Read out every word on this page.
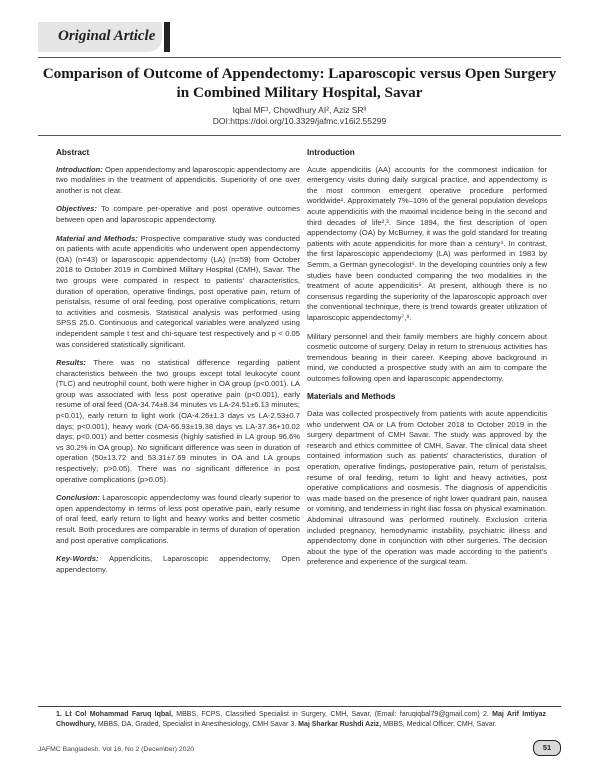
Original Article
Comparison of Outcome of Appendectomy: Laparoscopic versus Open Surgery in Combined Military Hospital, Savar
Iqbal MF¹, Chowdhury AI², Aziz SR³
DOI:https://doi.org/10.3329/jafmc.v16i2.55299
Abstract

Introduction: Open appendectomy and laparoscopic appendectomy are two modalities in the treatment of appendicitis. Superiority of one over another is not clear.

Objectives: To compare per-operative and post operative outcomes between open and laparoscopic appendectomy.

Material and Methods: Prospective comparative study was conducted on patients with acute appendicitis who underwent open appendectomy (OA) (n=43) or laparoscopic appendectomy (LA) (n=59) from October 2018 to October 2019 in Combined Military Hospital (CMH), Savar. The two groups were compared in respect to patients' characteristics, duration of operation, operative findings, post operative pain, return of peristalsis, resume of oral feeding, post operative complications, return to activities and cosmesis. Statistical analysis was performed using SPSS 25.0. Continuous and categorical variables were analyzed using independent sample t test and chi-square test respectively and p < 0.05 was considered statistically significant.

Results: There was no statistical difference regarding patient characteristics between the two groups except total leukocyte count (TLC) and neutrophil count, both were higher in OA group (p<0.001). LA group was associated with less post operative pain (p<0.001), early resume of oral feed (OA-34.74±8.34 minutes vs LA-24.51±6.13 minutes; p<0.01), early return to light work (OA-4.26±1.3 days vs LA-2.53±0.7 days; p<0.001), heavy work (OA-66.93±19.38 days vs LA-37.36+10.02 days; p<0.001) and better cosmesis (highly satisfied in LA group 96.6% vs 30.2% in OA group). No significant difference was seen in duration of operation (50±13.72 and 53.31±7.69 minutes in OA and LA groups respectively; p>0.05). There was no significant difference in post operative complications (p>0.05).

Conclusion: Laparoscopic appendectomy was found clearly superior to open appendectomy in terms of less post operative pain, early resume of oral feed, early return to light and heavy works and better cosmetic result. Both procedures are comparable in terms of duration of operation and post operative complications.

Key-Words: Appendicitis, Laparoscopic appendectomy, Open appendectomy.

Introduction

Acute appendicitis (AA) accounts for the commonest indication for emergency visits during daily surgical practice, and appendectomy is the most common emergent operative procedure performed worldwide¹. Approximately 7%–10% of the general population develops acute appendicitis with the maximal incidence being in the second and third decades of life²,³. Since 1894, the first description of open appendectomy (OA) by McBurney, it was the gold standard for treating patients with acute appendicitis for more than a century⁴. In contrast, the first laparoscopic appendectomy (LA) was performed in 1983 by Semm, a German gynecologist⁵. In the developing countries only a few studies have been conducted comparing the two modalities in the treatment of acute appendicitis⁶. At present, although there is no consensus regarding the superiority of the laparoscopic approach over the conventional technique, there is trend towards greater utilization of laparoscopic appendectomy⁷,⁸.

Military personnel and their family members are highly concern about cosmetic outcome of surgery. Delay in return to strenuous activities has tremendous bearing in their career. Keeping above background in mind, we conducted a prospective study with an aim to compare the outcomes following open and laparoscopic appendectomy.

Materials and Methods

Data was collected prospectively from patients with acute appendicitis who underwent OA or LA from October 2018 to October 2019 in the surgery department of CMH Savar. The study was approved by the research and ethics committee of CMH, Savar. The clinical data sheet contained information such as patients' characteristics, duration of operation, operative findings, postoperative pain, return of peristalsis, resume of oral feeding, return to light and heavy activities, post operative complications and cosmesis. The diagnosis of appendicitis was made based on the presence of right lower quadrant pain, nausea or vomiting, and tenderness in right iliac fossa on physical examination. Abdominal ultrasound was performed routinely. Exclusion criteria included pregnancy, hemodynamic instability, psychiatric illness and appendectomy done in conjunction with other surgeries. The decision about the type of the operation was made according to the patient's preference and experience of the surgical team.

1. Lt Col Mohammad Faruq Iqbal, MBBS, FCPS, Classified Specialist in Surgery, CMH, Savar, (Email: faruqiqbal79@gmail.com) 2. Maj Arif Imtiyaz Chowdhury, MBBS, DA, Graded, Specialist in Anesthesiology, CMH Savar 3. Maj Sharkar Rushdi Aziz, MBBS, Medical Officer, CMH, Savar.
JAFMC Bangladesh. Vol 16, No 2 (December) 2020	51
